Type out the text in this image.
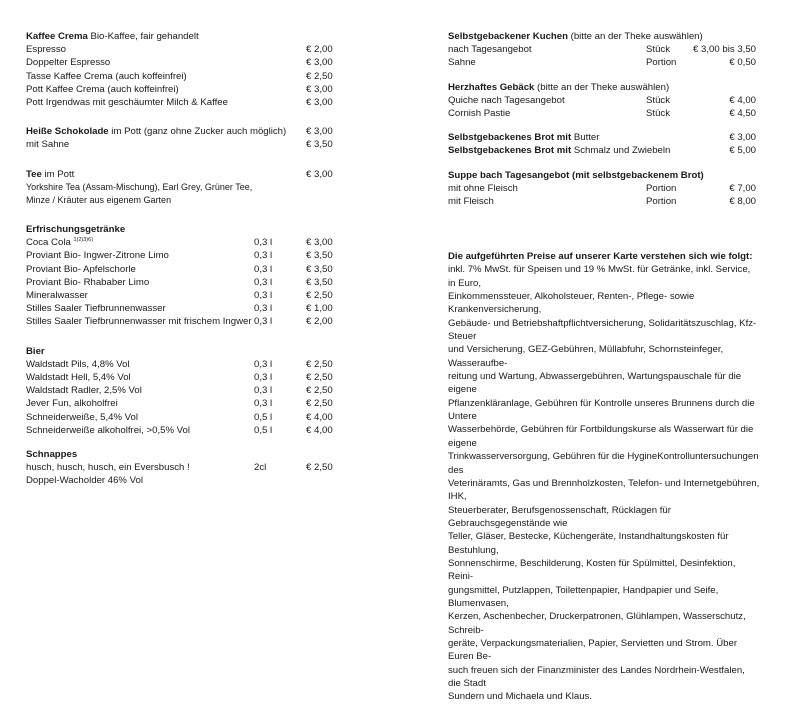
Kaffee Crema Bio-Kaffee, fair gehandelt
Espresso	€ 2,00
Doppelter Espresso	€ 3,00
Tasse Kaffee Crema (auch koffeinfrei)	€ 2,50
Pott Kaffee Crema (auch koffeinfrei)	€ 3,00
Pott Irgendwas mit geschäumter Milch & Kaffee	€ 3,00
Heiße Schokolade im Pott (ganz ohne Zucker auch möglich) € 3,00
mit Sahne	€ 3,50
Tee im Pott	€ 3,00
Yorkshire Tea (Assam-Mischung), Earl Grey, Grüner Tee,
Minze / Kräuter aus eigenem Garten
Erfrischungsgetränke
Coca Cola $^{1)2)3)6)}$	0,3 l	€ 3,00
Proviant Bio- Ingwer-Zitrone Limo	0,3 l	€ 3,50
Proviant Bio- Apfelschorle	0,3 l	€ 3,50
Proviant Bio- Rhababer Limo	0,3 l	€ 3,50
Mineralwasser	0,3 l	€ 2,50
Stilles Saaler Tiefbrunnenwasser	0,3 l	€ 1,00
Stilles Saaler Tiefbrunnenwasser mit frischem Ingwer 0,3 l	€ 2,00
Bier
Waldstadt Pils, 4,8% Vol	0,3 l	€ 2,50
Waldstadt Hell, 5,4% Vol	0,3 l	€ 2,50
Waldstadt Radler, 2,5% Vol	0,3 l	€ 2,50
Jever Fun, alkoholfrei	0,3 l	€ 2,50
Schneiderweiße, 5,4% Vol	0,5 l	€ 4,00
Schneiderweiße alkoholfrei, >0,5% Vol	0,5 l	€ 4,00
Schnappes
husch, husch, husch, ein Eversbusch !	2cl	€ 2,50
Doppel-Wacholder 46% Vol
Selbstgebackener Kuchen (bitte an der Theke auswählen)
nach Tagesangebot	Stück € 3,00 bis 3,50
Sahne	Portion	€ 0,50
Herzhaftes Gebäck (bitte an der Theke auswählen)
Quiche nach Tagesangebot	Stück	€ 4,00
Cornish Pastie	Stück	€ 4,50
Selbstgebackenes Brot mit Butter	€ 3,00
Selbstgebackenes Brot mit Schmalz und Zwiebeln	€ 5,00
Suppe bach Tagesangebot (mit selbstgebackenem Brot)
mit ohne Fleisch	Portion	€ 7,00
mit Fleisch	Portion	€ 8,00

Die aufgeführten Preise auf unserer Karte verstehen sich wie folgt:

inkl. 7% MwSt. für Speisen und 19 % MwSt. für Getränke, inkl. Service, in Euro,

Einkommenssteuer, Alkoholsteuer, Renten-, Pflege- sowie Krankenversicherung,

Gebäude- und Betriebshaftpflichtversicherung, Solidaritätszuschlag, Kfz-Steuer

und Versicherung, GEZ-Gebühren, Müllabfuhr, Schornsteinfeger, Wasseraufbe-

reitung und Wartung, Abwassergebühren, Wartungspauschale für die eigene

Pflanzenkläranlage, Gebühren für Kontrolle unseres Brunnens durch die Untere

Wasserbehörde, Gebühren für Fortbildungskurse als Wasserwart für die eigene

Trinkwasserversorgung, Gebühren für die HygineKontrolluntersuchungen des

Veterinäramts, Gas und Brennholzkosten, Telefon- und Internetgebühren, IHK,

Steuerberater, Berufsgenossenschaft, Rücklagen für Gebrauchsgegenstände wie

Teller, Gläser, Bestecke, Küchengeräte, Instandhaltungskosten für Bestuhlung,

Sonnenschirme, Beschilderung, Kosten für Spülmittel, Desinfektion, Reini-

gungsmittel, Putzlappen, Toilettenpapier, Handpapier und Seife, Blumenvasen,

Kerzen, Aschenbecher, Druckerpatronen, Glühlampen, Wasserschutz, Schreib-

geräte, Verpackungsmaterialien, Papier, Servietten und Strom. Über Euren Be-

such freuen sich der Finanzminister des Landes Nordrhein-Westfalen, die Stadt

Sundern und Michaela und Klaus.
